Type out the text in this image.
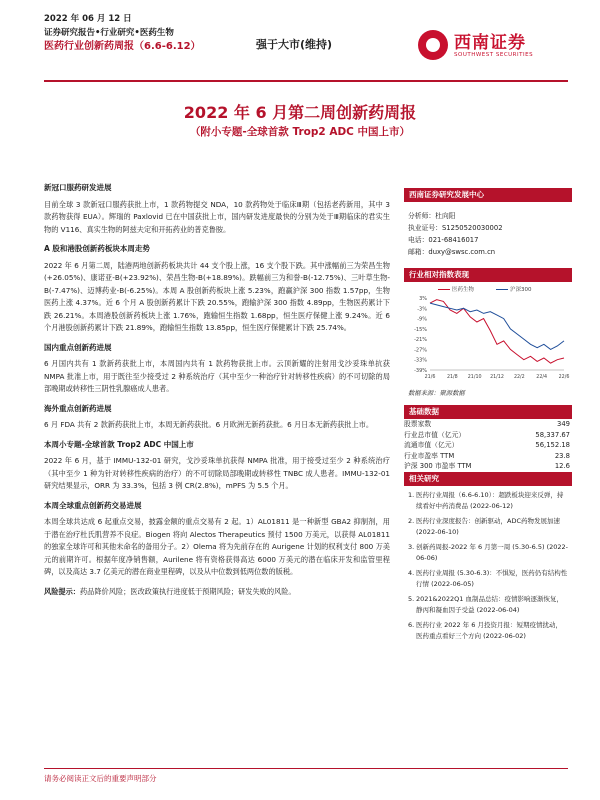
2022 年 06 月 12 日
证券研究报告•行业研究•医药生物
医药行业创新药周报（6.6-6.12）	强于大市(维持)	西南证券
SOUTHWEST SECURITIES
2022 年 6 月第二周创新药周报
（附小专题-全球首款 Trop2 ADC 中国上市）
新冠口服药研发进展

目前全球 3 款新冠口服药获批上市，1 款药物提交 NDA，10 款药物处于临床Ⅲ期（包括老药新用，其中 3 款药物获得 EUA）。辉瑞的 Paxlovid 已在中国获批上市，国内研发进度最快的分别为处于Ⅲ期临床的君实生物的 V116、真实生物的阿兹夫定和开拓药业的普克鲁胺。

A 股和港股创新药板块本周走势

2022 年 6 月第二周，陆港两地创新药板块共计 44 支个股上涨，16 支个股下跌。其中涨幅前三为荣昌生物(+26.05%)、康诺亚-B(+23.92%)、荣昌生物-B(+18.89%)。跌幅前三为和誉-B(-12.75%)、三叶草生物-B(-7.47%)、迈博药业-B(-6.25%)。本周 A 股创新药板块上涨 5.23%，跑赢沪深 300 指数 1.57pp，生物医药上涨 4.37%。近 6 个月 A 股创新药累计下跌 20.55%，跑输沪深 300 指数 4.89pp，生物医药累计下跌 26.21%。本周港股创新药板块上涨 1.76%，跑输恒生指数 1.68pp，恒生医疗保健上涨 9.24%。近 6 个月港股创新药累计下跌 21.89%，跑输恒生指数 13.85pp，恒生医疗保健累计下跌 25.74%。

国内重点创新药进展

6 月国内共有 1 款新药获批上市，本周国内共有 1 款药物获批上市。云顶新耀的注射用戈沙妥珠单抗获 NMPA 批准上市，用于既往至少接受过 2 种系统治疗（其中至少一种治疗针对转移性疾病）的不可切除的局部晚期或转移性三阴性乳腺癌成人患者。

海外重点创新药进展

6 月 FDA 共有 2 款新药获批上市，本周无新药获批。6 月欧洲无新药获批。6 月日本无新药获批上市。

本周小专题-全球首款 Trop2 ADC 中国上市

2022 年 6 月，基于 IMMU-132-01 研究，戈沙妥珠单抗获得 NMPA 批准，用于接受过至少 2 种系统治疗（其中至少 1 种为针对转移性疾病的治疗）的不可切除局部晚期或转移性 TNBC 成人患者。IMMU-132-01 研究结果显示，ORR 为 33.3%，包括 3 例 CR(2.8%)，mPFS 为 5.5 个月。

本周全球重点创新药交易进展

本周全球共达成 6 起重点交易，披露金额的重点交易有 2 起。1）AL01811 是一种新型 GBA2 抑制剂，用于潜在治疗杜氏肌营养不良症。Biogen 将向 Alectos Therapeutics 预付 1500 万美元，以获得 AL01811 的独家全球许可和其他未命名的备用分子。2）Olema 将为先前存在的 Aurigene 计划的权利支付 800 万美元的前期许可。根据年度净销售额，Aurilene 将有资格获得高达 6000 万美元的潜在临床开发和监管里程碑，以及高达 3.7 亿美元的潜在商业里程碑，以及从中位数到低两位数的版税。

风险提示：药品降价风险；医改政策执行进度低于预期风险；研发失败的风险。
西南证券研究发展中心
分析师：杜向阳
执业证号：S1250520030002
电话：021-68416017
邮箱：duxy@swsc.com.cn
行业相对指数表现
医药生物	沪深300
3%
-3%
-9%
-15%
-21%
-27%
-33%
-39%
21/6 21/8 21/10 21/12 22/2 22/4 22/6
数据来源：聚源数据
基础数据
股票家数	349
行业总市值（亿元）	58,337.67
流通市值（亿元）	56,152.18
行业市盈率 TTM	23.8
沪深 300 市盈率 TTM	12.6
相关研究
1. 医药行业周报（6.6-6.10）：超跌板块迎来反弹，持续看好中药消费品 (2022-06-12)
2. 医药行业深度报告：创新驱动，ADC药物发展加速 (2022-06-10)
3. 创新药周报-2022 年 6 月第一周 (5.30-6.5) (2022-06-06)
4. 医药行业周报 (5.30-6.3)：不惧短，医药仍有结构性行情 (2022-06-05)
5. 2021&2022Q1 血制品总结：疫情影响逐渐恢复，静丙和凝血因子受益 (2022-06-04)
6. 医药行业 2022 年 6 月投资月报：短期疫情扰动，医药重点看好三个方向 (2022-06-02)
请务必阅读正文后的重要声明部分
